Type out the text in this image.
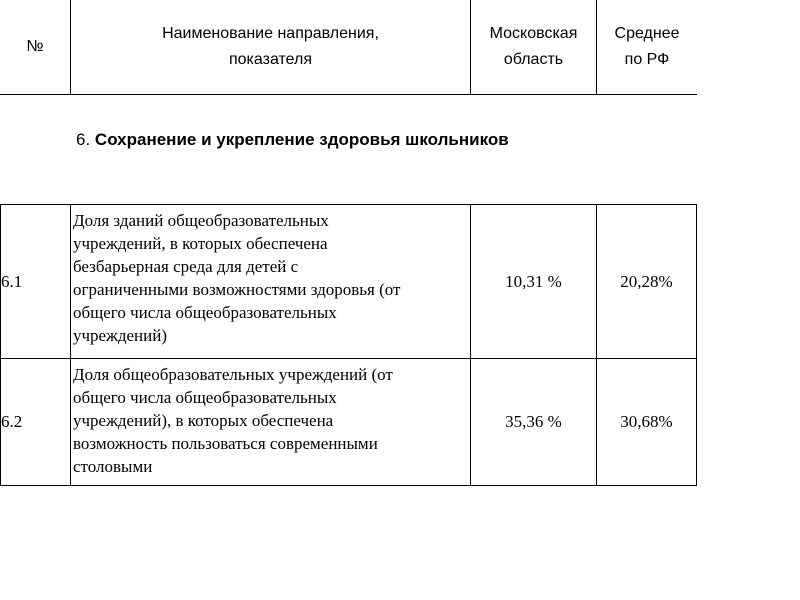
№
Наименование направления,
показателя
Московская
область
Среднее
по РФ
6. Сохранение и укрепление здоровья школьников
6.1
Доля зданий общеобразовательных
учреждений, в которых обеспечена
безбарьерная среда для детей с
ограниченными возможностями здоровья (от
общего числа общеобразовательных
учреждений)
10,31 %	20,28%
6.2
Доля общеобразовательных учреждений (от
общего числа общеобразовательных
учреждений), в которых обеспечена
возможность пользоваться современными
столовыми
35,36 %	30,68%
